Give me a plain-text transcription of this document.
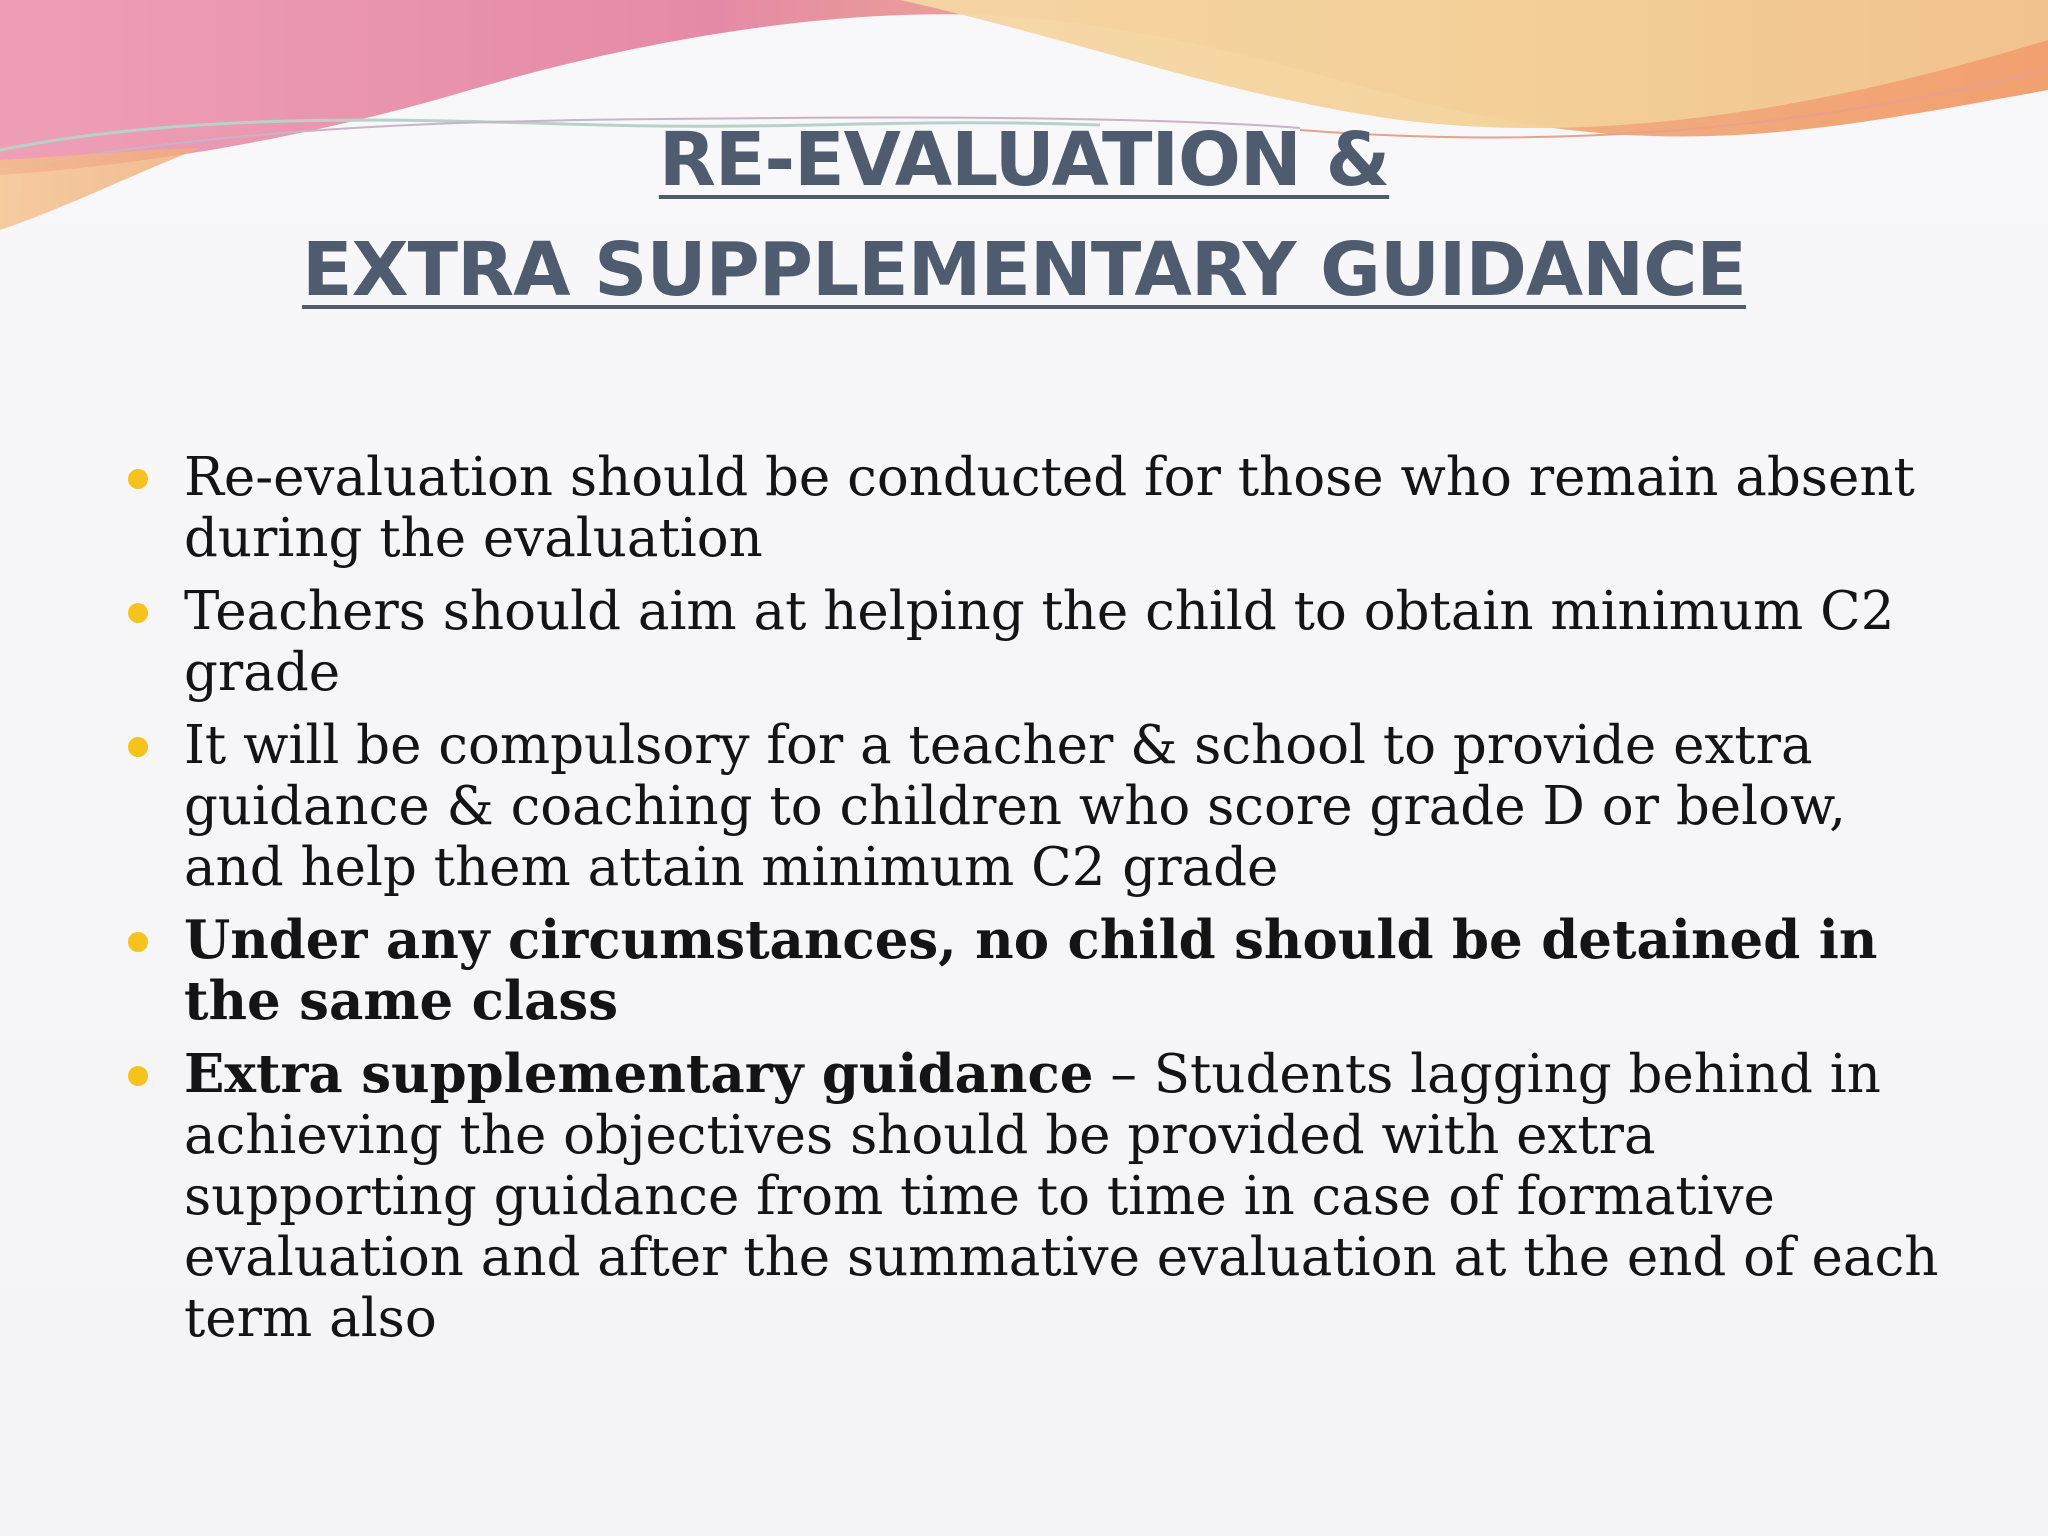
RE-EVALUATION &
EXTRA SUPPLEMENTARY GUIDANCE
Re-evaluation should be conducted for those who remain absent during the evaluation
Teachers should aim at helping the child to obtain minimum C2 grade
It will be compulsory for a teacher & school to provide extra guidance & coaching to children who score grade D or below, and help them attain minimum C2 grade
Under any circumstances, no child should be detained in the same class
Extra supplementary guidance – Students lagging behind in achieving the objectives should be provided with extra supporting guidance from time to time in case of formative evaluation and after the summative evaluation at the end of each term also
